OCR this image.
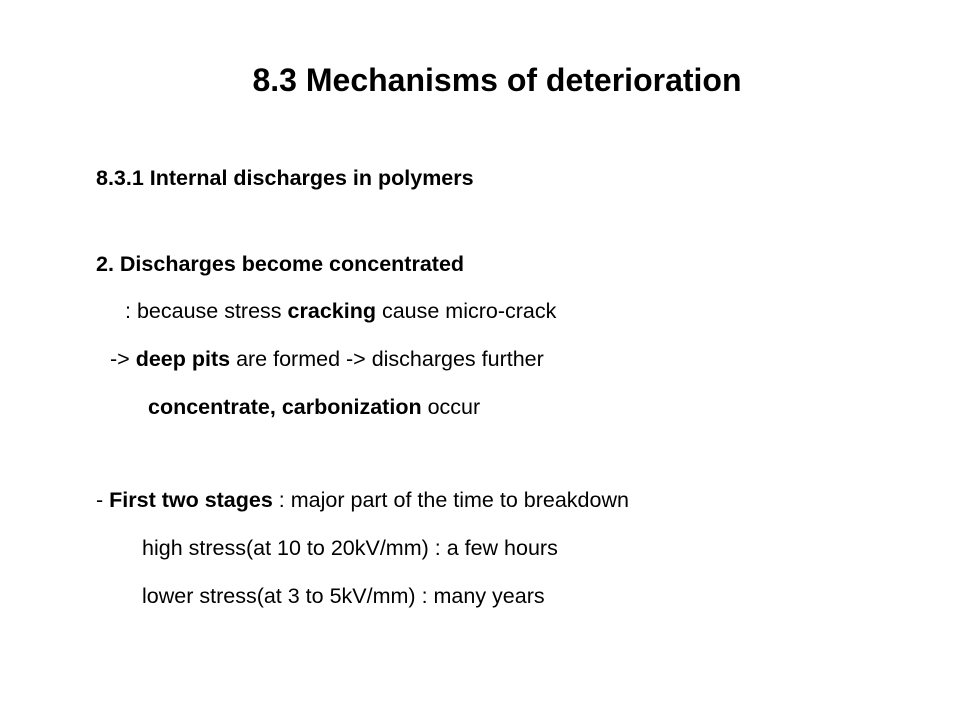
8.3 Mechanisms of deterioration
8.3.1 Internal discharges in polymers
2. Discharges become concentrated
: because stress cracking cause micro-crack
-> deep pits are formed -> discharges further
concentrate, carbonization occur
- First two stages : major part of the time to breakdown
high stress(at 10 to 20kV/mm) : a few hours
lower stress(at 3 to 5kV/mm) : many years
